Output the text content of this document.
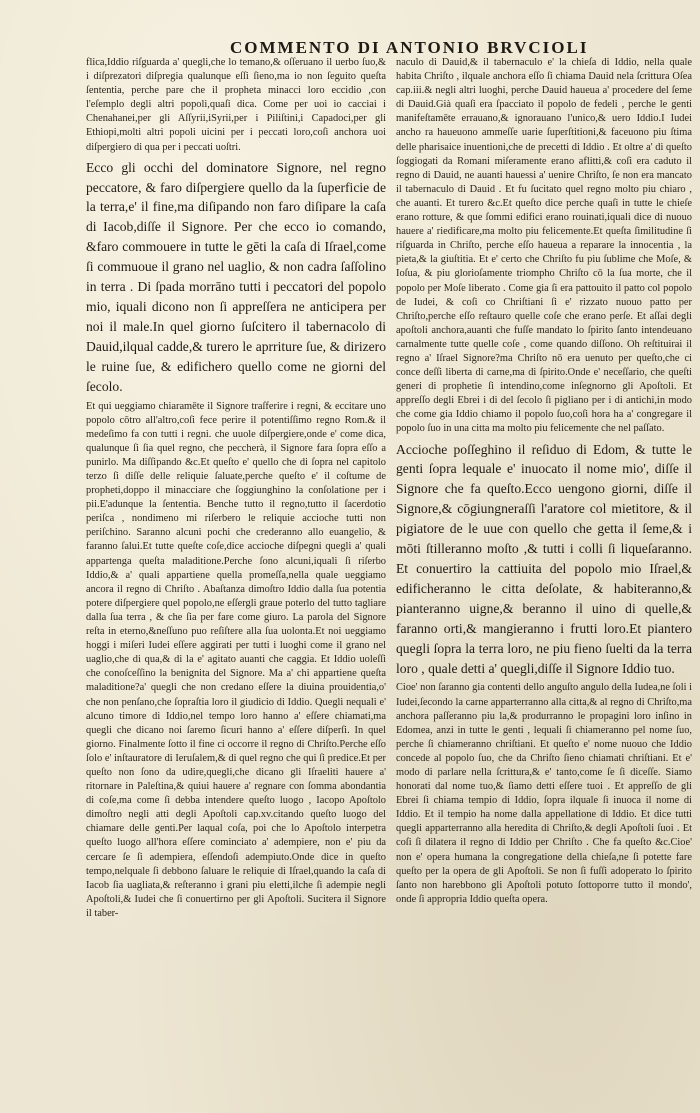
COMMENTO DI ANTONIO BRVCIOLI

flica,Iddio riſguarda a' quegli,che lo temano,& oſſeruano il uerbo ſuo,& i diſprezatori diſpregia qualunque eſſi ſieno,ma io non ſeguito queſta ſententia, perche pare che il propheta minacci loro eccidio ,con l'eſemplo degli altri popoli,quaſi dica. Come per uoi io cacciai i Chenahanei,per gli Aſſyrii,iSyrii,per i Piliſtini,i Capadoci,per gli Ethiopi,molti altri popoli uicini per i peccati loro,coſi anchora uoi diſpergiero di qua per i peccati uoſtri.

Ecco gli occhi del dominatore Signore, nel regno peccatore, & faro diſpergiere quello da la ſuperficie de la terra,e' il fine,ma diſipando non faro diſipare la caſa di Iacob,diſſe il Signore. Per che ecco io comando, &faro commouere in tutte le gēti la caſa di Iſrael,come ſi commuoue il grano nel uaglio, & non cadra ſaſſolino in terra . Di ſpada morrāno tutti i peccatori del popolo mio, iquali dicono non ſi appreſſera ne anticipera per noi il male.In quel giorno ſuſcitero il tabernacolo di Dauid,ilqual cadde,& turero le aprriture ſue, & dirizero le ruine ſue, & edifichero quello come ne giorni del ſecolo.

Et qui ueggiamo chiaramēte il Signore traſferire i regni, & eccitare uno popolo cōtro all'altro,coſi fece perire il potentiſſimo regno Rom.& il medeſimo fa con tutti i regni. che uuole diſpergiere,onde e' come dica, qualunque ſi ſia quel regno, che peccherà, il Signore fara ſopra eſſo a punirlo. Ma diſſipando &c.Et queſto e' quello che di ſopra nel capitolo terzo ſi diſſe delle reliquie ſaluate,perche queſto e' il coſtume de propheti,doppo il minacciare che ſoggiunghino la conſolatione per i pii.E'adunque la ſententia. Benche tutto il regno,tutto il ſacerdotio periſca , nondimeno mi riſerbero le reliquie accioche tutti non periſchino. Saranno alcuni pochi che crederanno allo euangelio, & faranno ſalui.Et tutte queſte coſe,dice accioche diſpegni quegli a' quali appartenga queſta maladitione.Perche ſono alcuni,iquali ſi riſerbo Iddio,& a' quali appartiene quella promeſſa,nella quale ueggiamo ancora il regno di Chriſto . Abaſtanza dimoſtro Iddio dalla ſua potentia potere diſpergiere quel popolo,ne eſſergli graue poterlo del tutto tagliare dalla ſua terra , & che ſia per fare come giuro. La parola del Signore reſta in eterno,&neſſuno puo reſiſtere alla ſua uolonta.Et noi ueggiamo hoggi i miſeri Iudei eſſere aggirati per tutti i luoghi come il grano nel uaglio,che di qua,& di la e' agitato auanti che caggia. Et Iddio uoleſſi che conoſceſſino la benignita del Signore. Ma a' chi appartiene queſta maladitione?a' quegli che non credano eſſere la diuina prouidentia,o' che non penſano,che ſopraſtia loro il giudicio di Iddio. Quegli nequali e' alcuno timore di Iddio,nel tempo loro hanno a' eſſere chiamati,ma quegli che dicano noi ſaremo ſicuri hanno a' eſſere diſperſi. In quel giorno. Finalmente ſotto il fine ci occorre il regno di Chriſto.Perche eſſo ſolo e' inſtauratore di Ieruſalem,& di quel regno che qui ſi predice.Et per queſto non ſono da udire,quegli,che dicano gli Iſraeliti hauere a' ritornare in Paleſtina,& quiui hauere a' regnare con ſomma abondantia di coſe,ma come ſi debba intendere queſto luogo , Iacopo Apoſtolo dimoſtro negli atti degli Apoſtoli cap.xv.citando queſto luogo del chiamare delle genti.Per laqual coſa, poi che lo Apoſtolo interpetra queſto luogo all'hora eſſere cominciato a' adempiere, non e' piu da cercare ſe ſi adempiera, eſſendoſi adempiuto.Onde dice in queſto tempo,nelquale ſi debbono ſaluare le reliquie di Iſrael,quando la caſa di Iacob ſia uagliata,& reſteranno i grani piu eletti,ilche ſi adempie negli Apoſtoli,& Iudei che ſi conuertirno per gli Apoſtoli. Sucitera il Signore il taber-

naculo di Dauid,& il tabernaculo e' la chieſa di Iddio, nella quale habita Chriſto , ilquale anchora eſſo ſi chiama Dauid nela ſcrittura Oſea cap.iii.& negli altri luoghi, perche Dauid haueua a' procedere del ſeme di Dauid.Già quaſi era ſpacciato il popolo de fedeli , perche le genti manifeſtamēte errauano,& ignorauano l'unico,& uero Iddio.I Iudei ancho ra haueuono ammeſſe uarie ſuperſtitioni,& faceuono piu ſtima delle pharisaice inuentioni,che de precetti di Iddio . Et oltre a' di queſto ſoggiogati da Romani miſeramente erano aflitti,& coſi era caduto il regno di Dauid, ne auanti hauessi a' uenire Chriſto, ſe non era mancato il tabernaculo di Dauid . Et fu ſucitato quel regno molto piu chiaro , che auanti. Et turero &c.Et queſto dice perche quaſi in tutte le chieſe erano rotture, & que ſommi edifici erano rouinati,iquali dice di nuouo hauere a' riedificare,ma molto piu felicemente.Et queſta ſimilitudine ſi riſguarda in Chriſto, perche eſſo haueua a reparare la innocentia , la pieta,& la giuſtitia. Et e' certo che Chriſto fu piu ſublime che Moſe, & Ioſua, & piu glorioſamente triompho Chriſto cō la ſua morte, che il popolo per Moſe liberato . Come gia ſi era pattouito il patto col popolo de Iudei, & coſi co Chriſtiani ſi e' rizzato nuouo patto per Chriſto,perche eſſo reſtauro quelle coſe che erano perſe. Et aſſai degli apoſtoli anchora,auanti che fuſſe mandato lo ſpirito ſanto intendeuano carnalmente tutte quelle coſe , come quando diſſono. Oh reſtituirai il regno a' Iſrael Signore?ma Chriſto nō era uenuto per queſto,che ci conce deſſi liberta di carne,ma di ſpirito.Onde e' neceſſario, che queſti generi di prophetie ſi intendino,come inſegnorno gli Apoſtoli. Et appreſſo degli Ebrei i di del ſecolo ſi pigliano per i di antichi,in modo che come gia Iddio chiamo il popolo ſuo,coſi hora ha a' congregare il popolo ſuo in una citta ma molto piu felicemente che nel paſſato.

Accioche poſſeghino il reſiduo di Edom, & tutte le genti ſopra lequale e' inuocato il nome mio', diſſe il Signore che fa queſto.Ecco uengono giorni, diſſe il Signore,& cōgiungneraſſi l'aratore col mietitore, & il pigiatore de le uue con quello che getta il ſeme,& i mōti ſtilleranno moſto ,& tutti i colli ſi liqueſaranno. Et conuertiro la cattiuita del popolo mio Iſrael,& edificheranno le citta deſolate, & habiteranno,& pianteranno uigne,& beranno il uino di quelle,& faranno orti,& mangieranno i frutti loro.Et piantero quegli ſopra la terra loro, ne piu fieno ſuelti da la terra loro , quale detti a' quegli,diſſe il Signore Iddio tuo.

Cioe' non ſaranno gia contenti dello anguſto angulo della Iudea,ne ſoli i Iudei,ſecondo la carne apparterranno alla citta,& al regno di Chriſto,ma anchora paſſeranno piu la,& produrranno le propagini loro inſino in Edomea, anzi in tutte le genti , lequali ſi chiameranno pel nome ſuo, perche ſi chiameranno chriſtiani. Et queſto e' nome nuouo che Iddio concede al popolo ſuo, che da Chriſto ſieno chiamati chriſtiani. Et e' modo di parlare nella ſcrittura,& e' tanto,come ſe ſi diceſſe. Siamo honorati dal nome tuo,& ſiamo detti eſſere tuoi . Et appreſſo de gli Ebrei ſi chiama tempio di Iddio, ſopra ilquale ſi inuoca il nome di Iddio. Et il tempio ha nome dalla appellatione di Iddio. Et dice tutti quegli apparterranno alla heredita di Chriſto,& degli Apoſtoli ſuoi . Et coſi ſi dilatera il regno di Iddio per Chriſto . Che fa queſto &c.Cioe' non e' opera humana la congregatione della chieſa,ne ſi potette fare queſto per la opera de gli Apoſtoli. Se non ſi fuſſi adoperato lo ſpirito ſanto non harebbono gli Apoſtoli potuto ſottoporre tutto il mondo', onde ſi appropria Iddio queſta opera.
